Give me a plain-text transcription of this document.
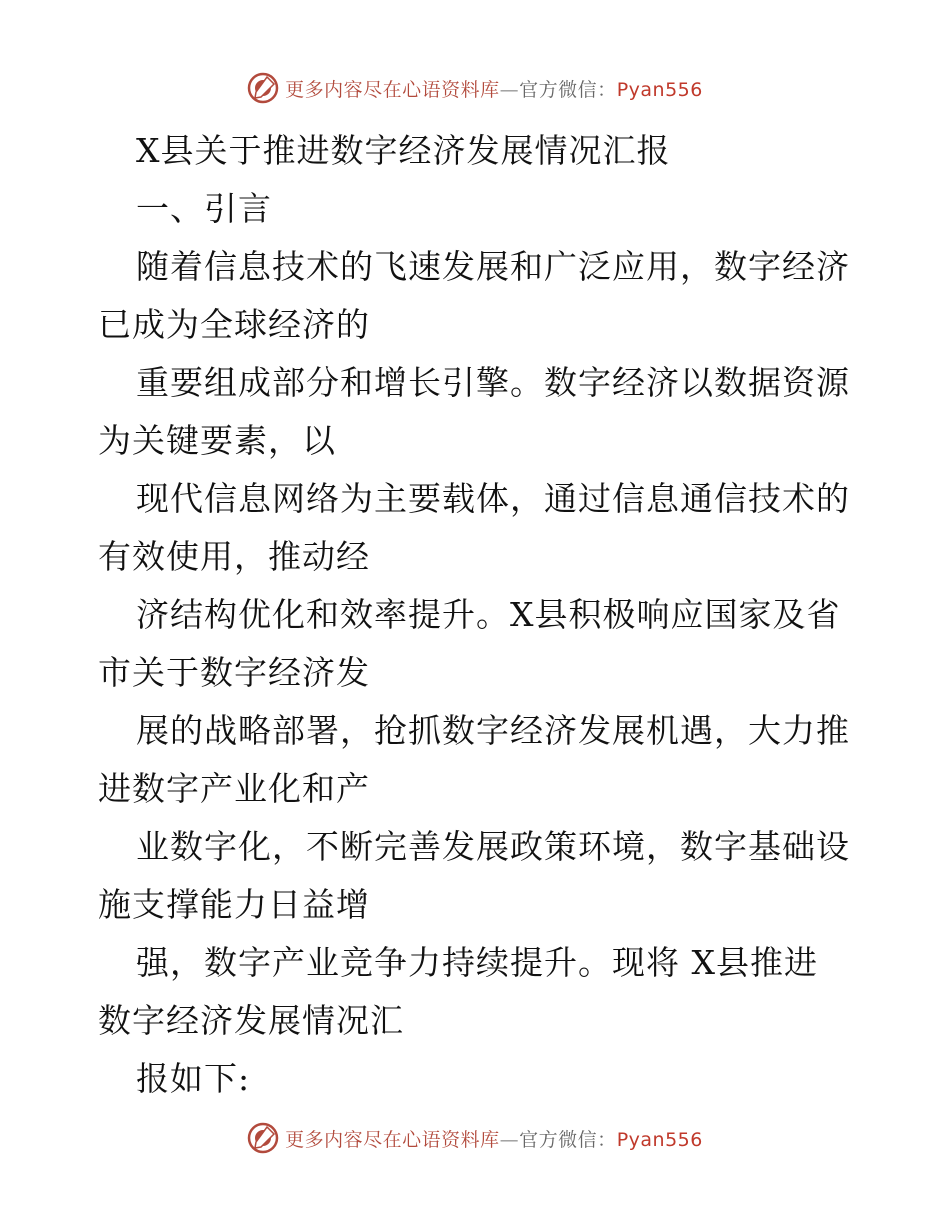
更多内容尽在心语资料库—官方微信：Pyan556
X县关于推进数字经济发展情况汇报
一、引言
随着信息技术的飞速发展和广泛应用，数字经济
已成为全球经济的
重要组成部分和增长引擎。数字经济以数据资源
为关键要素，以
现代信息网络为主要载体，通过信息通信技术的
有效使用，推动经
济结构优化和效率提升。X县积极响应国家及省
市关于数字经济发
展的战略部署，抢抓数字经济发展机遇，大力推
进数字产业化和产
业数字化，不断完善发展政策环境，数字基础设
施支撑能力日益增
强，数字产业竞争力持续提升。现将 X县推进
数字经济发展情况汇
报如下:
更多内容尽在心语资料库—官方微信：Pyan556
